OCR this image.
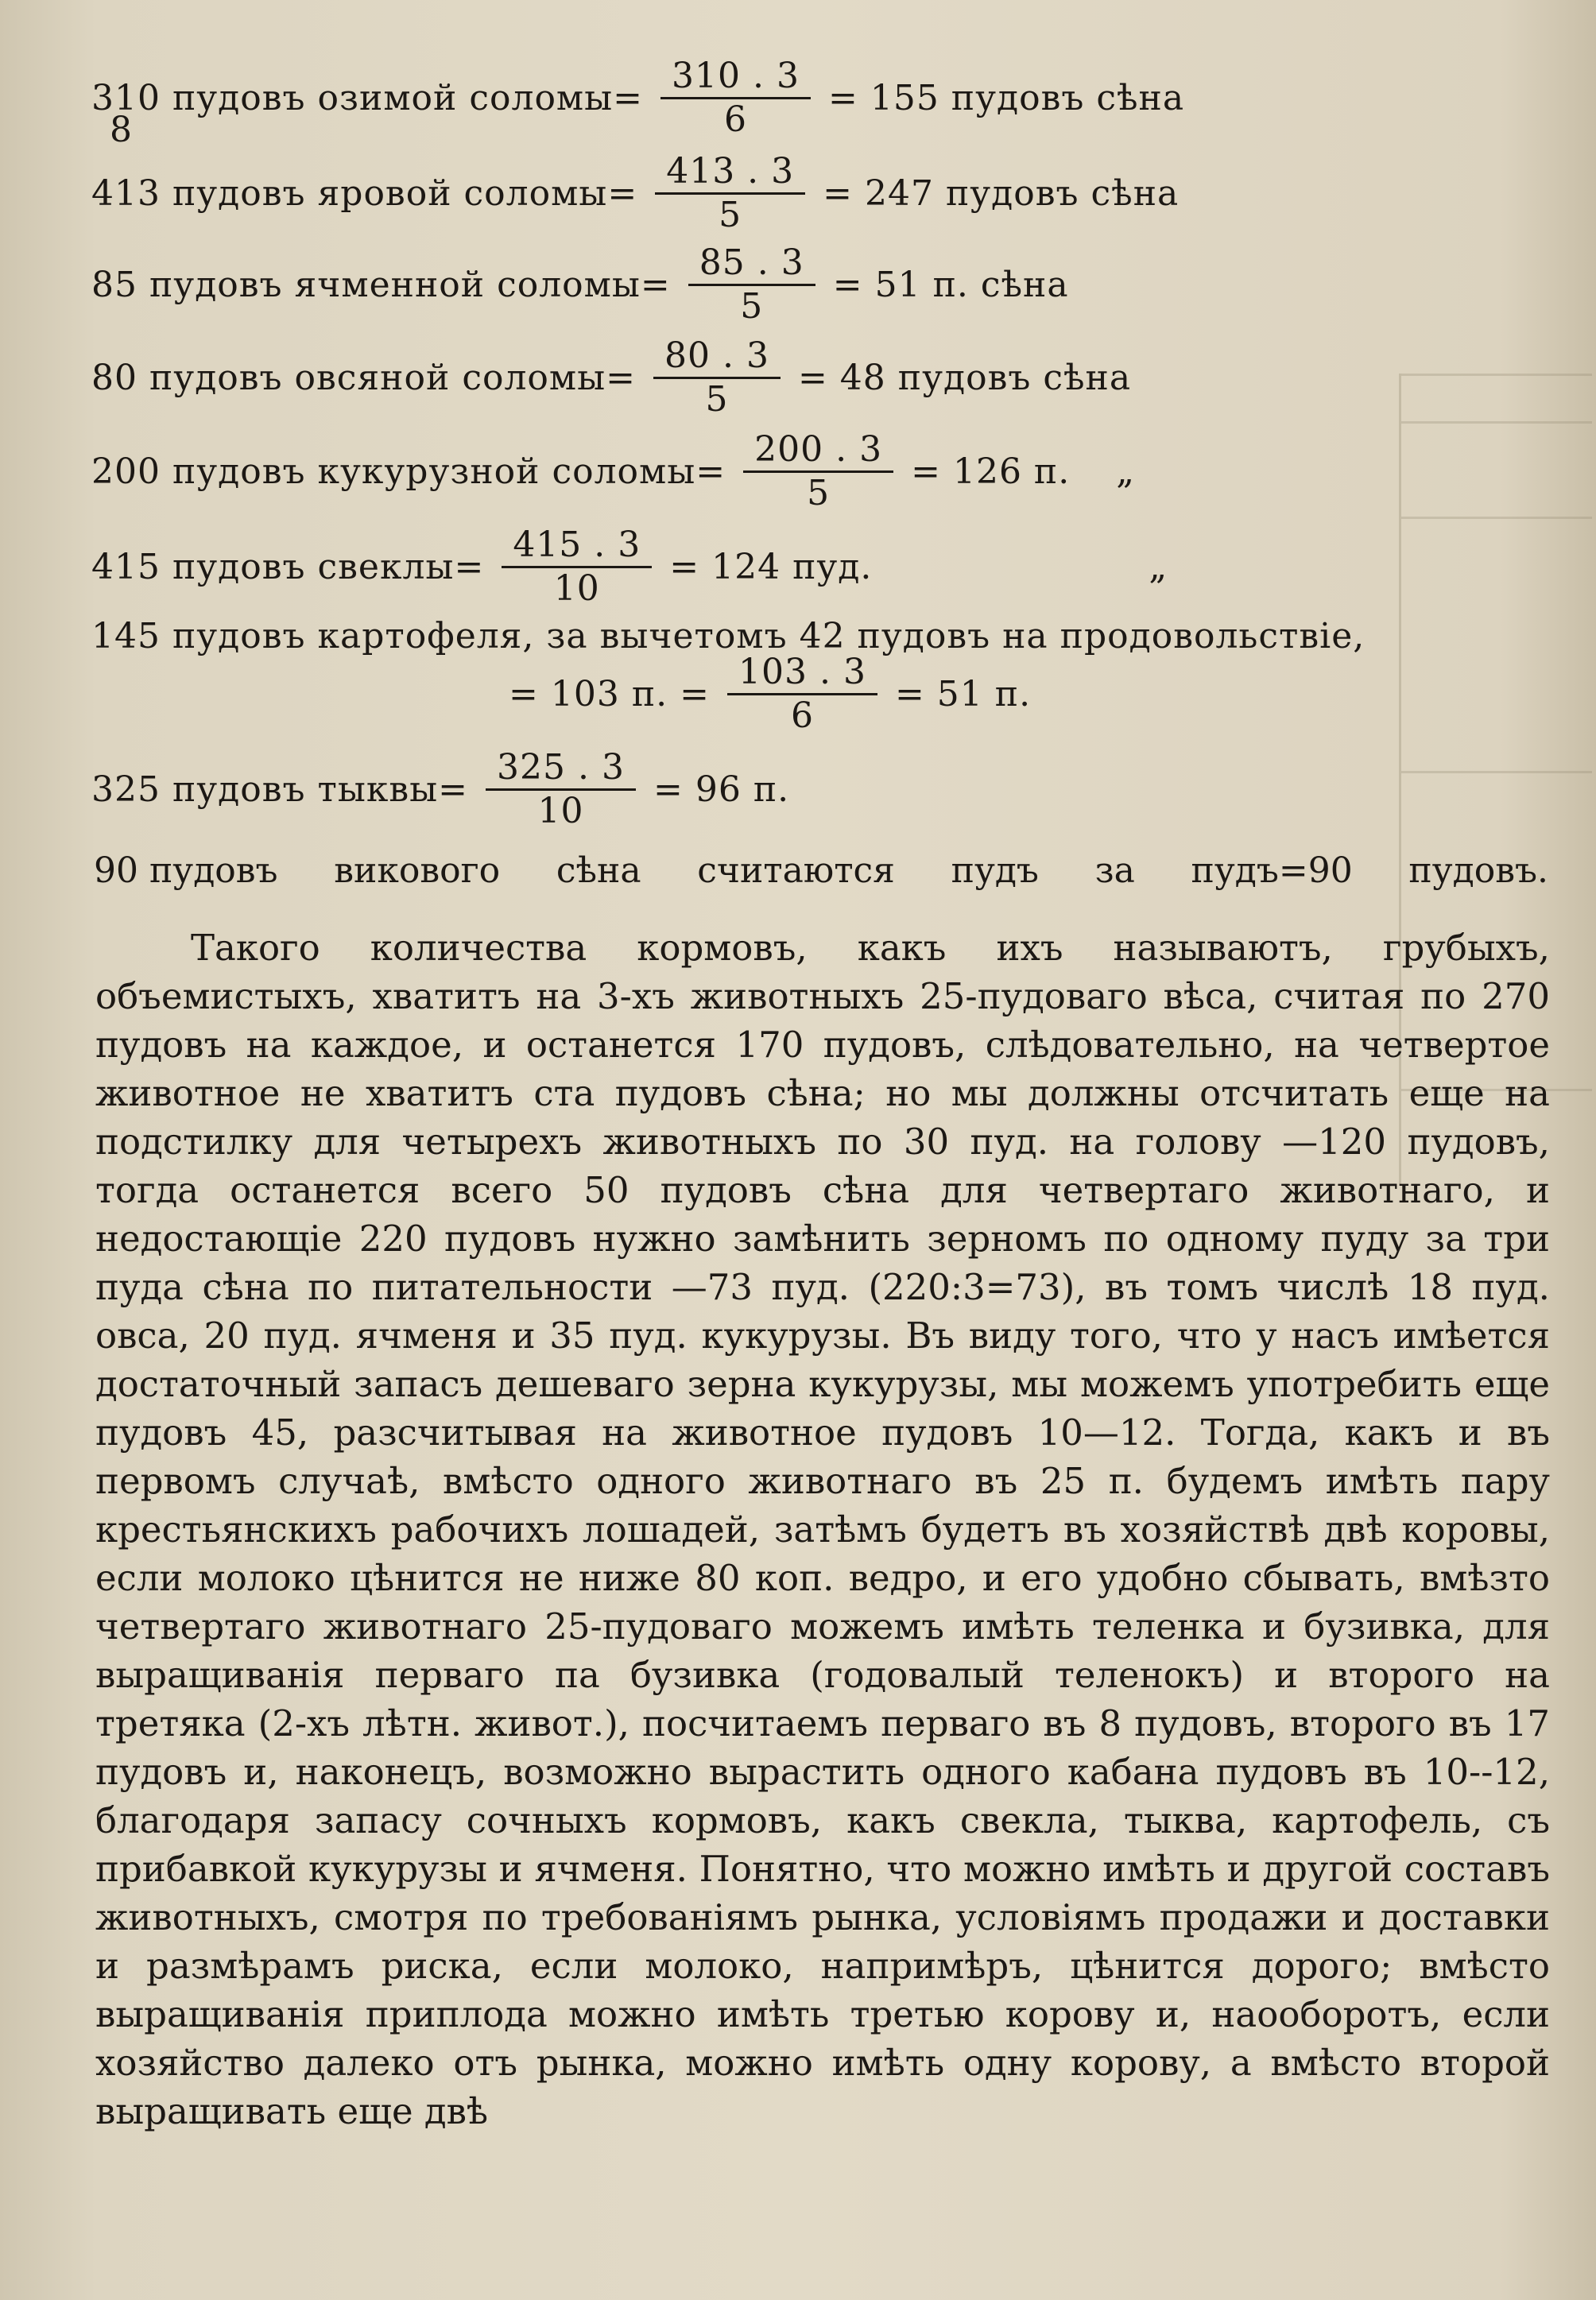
310 пудовъ озимой соломы= $\frac{310 . 3}{6} = 155$ пудовъ сѣна
8
413 пудовъ яровой соломы= $\frac{413 . 3}{5} = 247$ пудовъ сѣна
85 пудовъ ячменной соломы= $\frac{85 . 3}{5} = 51$ п. сѣна
80 пудовъ овсяной соломы= $\frac{80 . 3}{5} = 48$ пудовъ сѣна
200 пудовъ кукурузной соломы= $\frac{200 . 3}{5} = 126$ п. „
415 пудовъ свеклы= $\frac{415 . 3}{10} = 124$ пуд.	„
145 пудовъ картофеля, за вычетомъ 42 пудовъ на продовольствіе,
= 103 п. = $\frac{103 . 3}{6} = 51$ п.
325 пудовъ тыквы= $\frac{325 . 3}{10} = 96$ п.
90 пудовъ викового сѣна считаются пудъ за пудъ=90 пудовъ.
Такого количества кормовъ, какъ ихъ называютъ, грубыхъ, объемистыхъ, хватитъ на 3-хъ животныхъ 25-пудоваго вѣса, считая по 270 пудовъ на каждое, и останется 170 пудовъ, слѣдовательно, на четвертое животное не хватитъ ста пудовъ сѣна; но мы должны отсчитать еще на подстилку для четырехъ животныхъ по 30 пуд. на голову —120 пудовъ, тогда останется всего 50 пудовъ сѣна для четвертаго животнаго, и недостающіе 220 пудовъ нужно замѣнить зерномъ по одному пуду за три пуда сѣна по питательности —73 пуд. (220:3=73), въ томъ числѣ 18 пуд. овса, 20 пуд. ячменя и 35 пуд. кукурузы. Въ виду того, что у насъ имѣется достаточный запасъ дешеваго зерна кукурузы, мы можемъ употребить еще пудовъ 45, разсчитывая на животное пудовъ 10—12. Тогда, какъ и въ первомъ случаѣ, вмѣсто одного животнаго въ 25 п. будемъ имѣть пару крестьянскихъ рабочихъ лошадей, затѣмъ будетъ въ хозяйствѣ двѣ коровы, если молоко цѣнится не ниже 80 коп. ведро, и его удобно сбывать, вмѣзто четвертаго животнаго 25-пудоваго можемъ имѣть теленка и бузивка, для выращиванія перваго па бузивка (годовалый теленокъ) и второго на третяка (2-хъ лѣтн. живот.), посчитаемъ перваго въ 8 пудовъ, второго въ 17 пудовъ и, наконецъ, возможно вырастить одного кабана пудовъ въ 10--12, благодаря запасу сочныхъ кормовъ, какъ свекла, тыква, картофель, съ прибавкой кукурузы и ячменя. Понятно, что можно имѣть и другой составъ животныхъ, смотря по требованіямъ рынка, условіямъ продажи и доставки и размѣрамъ риска, если молоко, напримѣръ, цѣнится дорого; вмѣсто выращиванія приплода можно имѣть третью корову и, наооборотъ, если хозяйство далеко отъ рынка, можно имѣть одну корову, а вмѣсто второй выращивать еще двѣ
